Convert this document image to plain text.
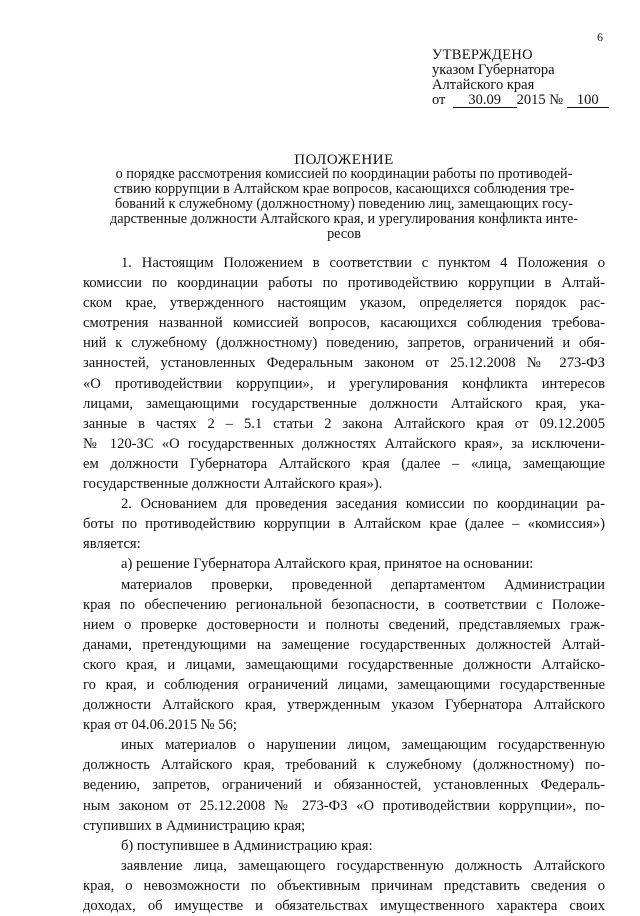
6
УТВЕРЖДЕНО
указом Губернатора
Алтайского края
от 30.09 2015 № 100
ПОЛОЖЕНИЕ
о порядке рассмотрения комиссией по координации работы по противодей-
ствию коррупции в Алтайском крае вопросов, касающихся соблюдения тре-
бований к служебному (должностному) поведению лиц, замещающих госу-
дарственные должности Алтайского края, и урегулирования конфликта инте-
ресов
1. Настоящим Положением в соответствии с пунктом 4 Положения о
комиссии по координации работы по противодействию коррупции в Алтай-
ском крае, утвержденного настоящим указом, определяется порядок рас-
смотрения названной комиссией вопросов, касающихся соблюдения требова-
ний к служебному (должностному) поведению, запретов, ограничений и обя-
занностей, установленных Федеральным законом от 25.12.2008 № 273-ФЗ
«О противодействии коррупции», и урегулирования конфликта интересов
лицами, замещающими государственные должности Алтайского края, ука-
занные в частях 2 – 5.1 статьи 2 закона Алтайского края от 09.12.2005
№ 120-ЗС «О государственных должностях Алтайского края», за исключени-
ем должности Губернатора Алтайского края (далее – «лица, замещающие
государственные должности Алтайского края»).
2. Основанием для проведения заседания комиссии по координации ра-
боты по противодействию коррупции в Алтайском крае (далее – «комиссия»)
является:
а) решение Губернатора Алтайского края, принятое на основании:
материалов проверки, проведенной департаментом Администрации
края по обеспечению региональной безопасности, в соответствии с Положе-
нием о проверке достоверности и полноты сведений, представляемых граж-
данами, претендующими на замещение государственных должностей Алтай-
ского края, и лицами, замещающими государственные должности Алтайско-
го края, и соблюдения ограничений лицами, замещающими государственные
должности Алтайского края, утвержденным указом Губернатора Алтайского
края от 04.06.2015 № 56;
иных материалов о нарушении лицом, замещающим государственную
должность Алтайского края, требований к служебному (должностному) по-
ведению, запретов, ограничений и обязанностей, установленных Федераль-
ным законом от 25.12.2008 № 273-ФЗ «О противодействии коррупции», по-
ступивших в Администрацию края;
б) поступившее в Администрацию края:
заявление лица, замещающего государственную должность Алтайского
края, о невозможности по объективным причинам представить сведения о
доходах, об имуществе и обязательствах имущественного характера своих
